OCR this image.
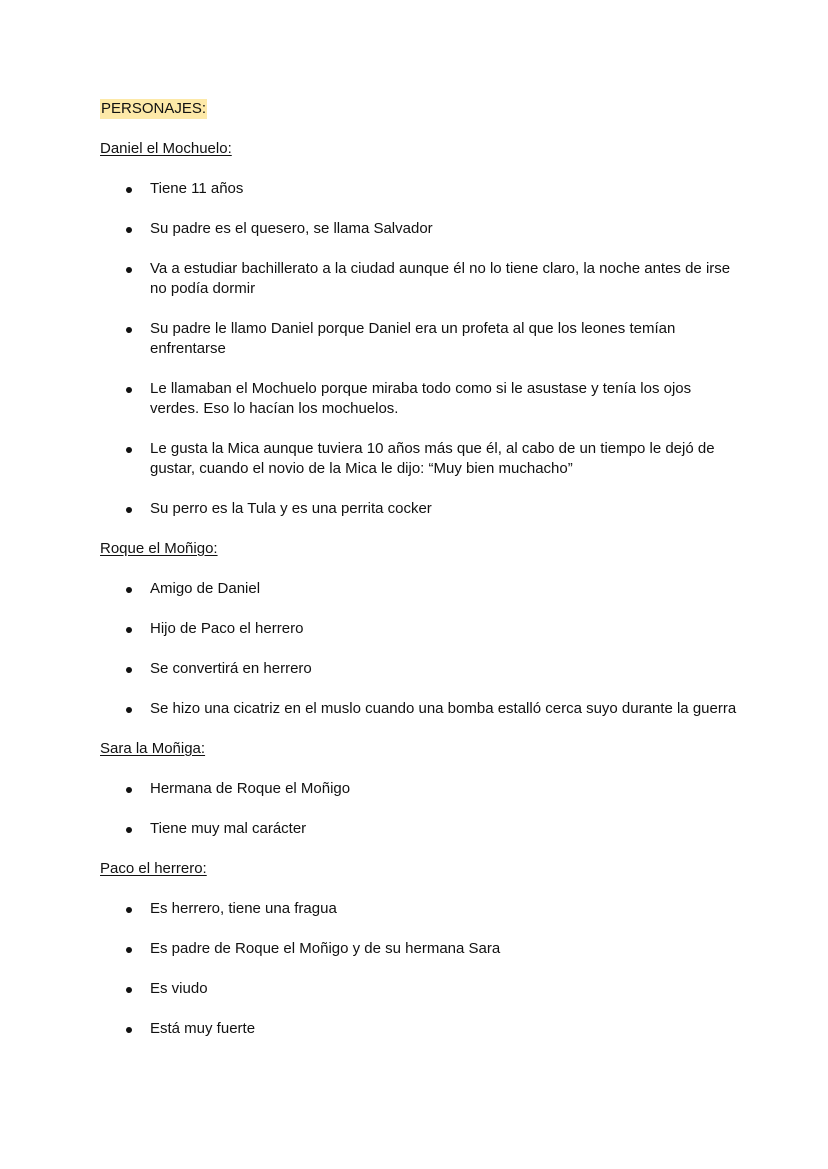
PERSONAJES:
Daniel el Mochuelo:
Tiene 11 años
Su padre es el quesero, se llama Salvador
Va a estudiar bachillerato a la ciudad aunque él no lo tiene claro, la noche antes de irse no podía dormir
Su padre le llamo Daniel porque Daniel era un profeta al que los leones temían enfrentarse
Le llamaban el Mochuelo porque miraba todo como si le asustase y tenía los ojos verdes. Eso lo hacían los mochuelos.
Le gusta la Mica aunque tuviera 10 años más que él, al cabo de un tiempo le dejó de gustar, cuando el novio de la Mica le dijo: “Muy bien muchacho”
Su perro es la Tula y es una perrita cocker
Roque el Moñigo:
Amigo de Daniel
Hijo de Paco el herrero
Se convertirá en herrero
Se hizo una cicatriz en el muslo cuando una bomba estalló cerca suyo durante la guerra
Sara la Moñiga:
Hermana de Roque el Moñigo
Tiene muy mal carácter
Paco el herrero:
Es herrero, tiene una fragua
Es padre de Roque el Moñigo y de su hermana Sara
Es viudo
Está muy fuerte
